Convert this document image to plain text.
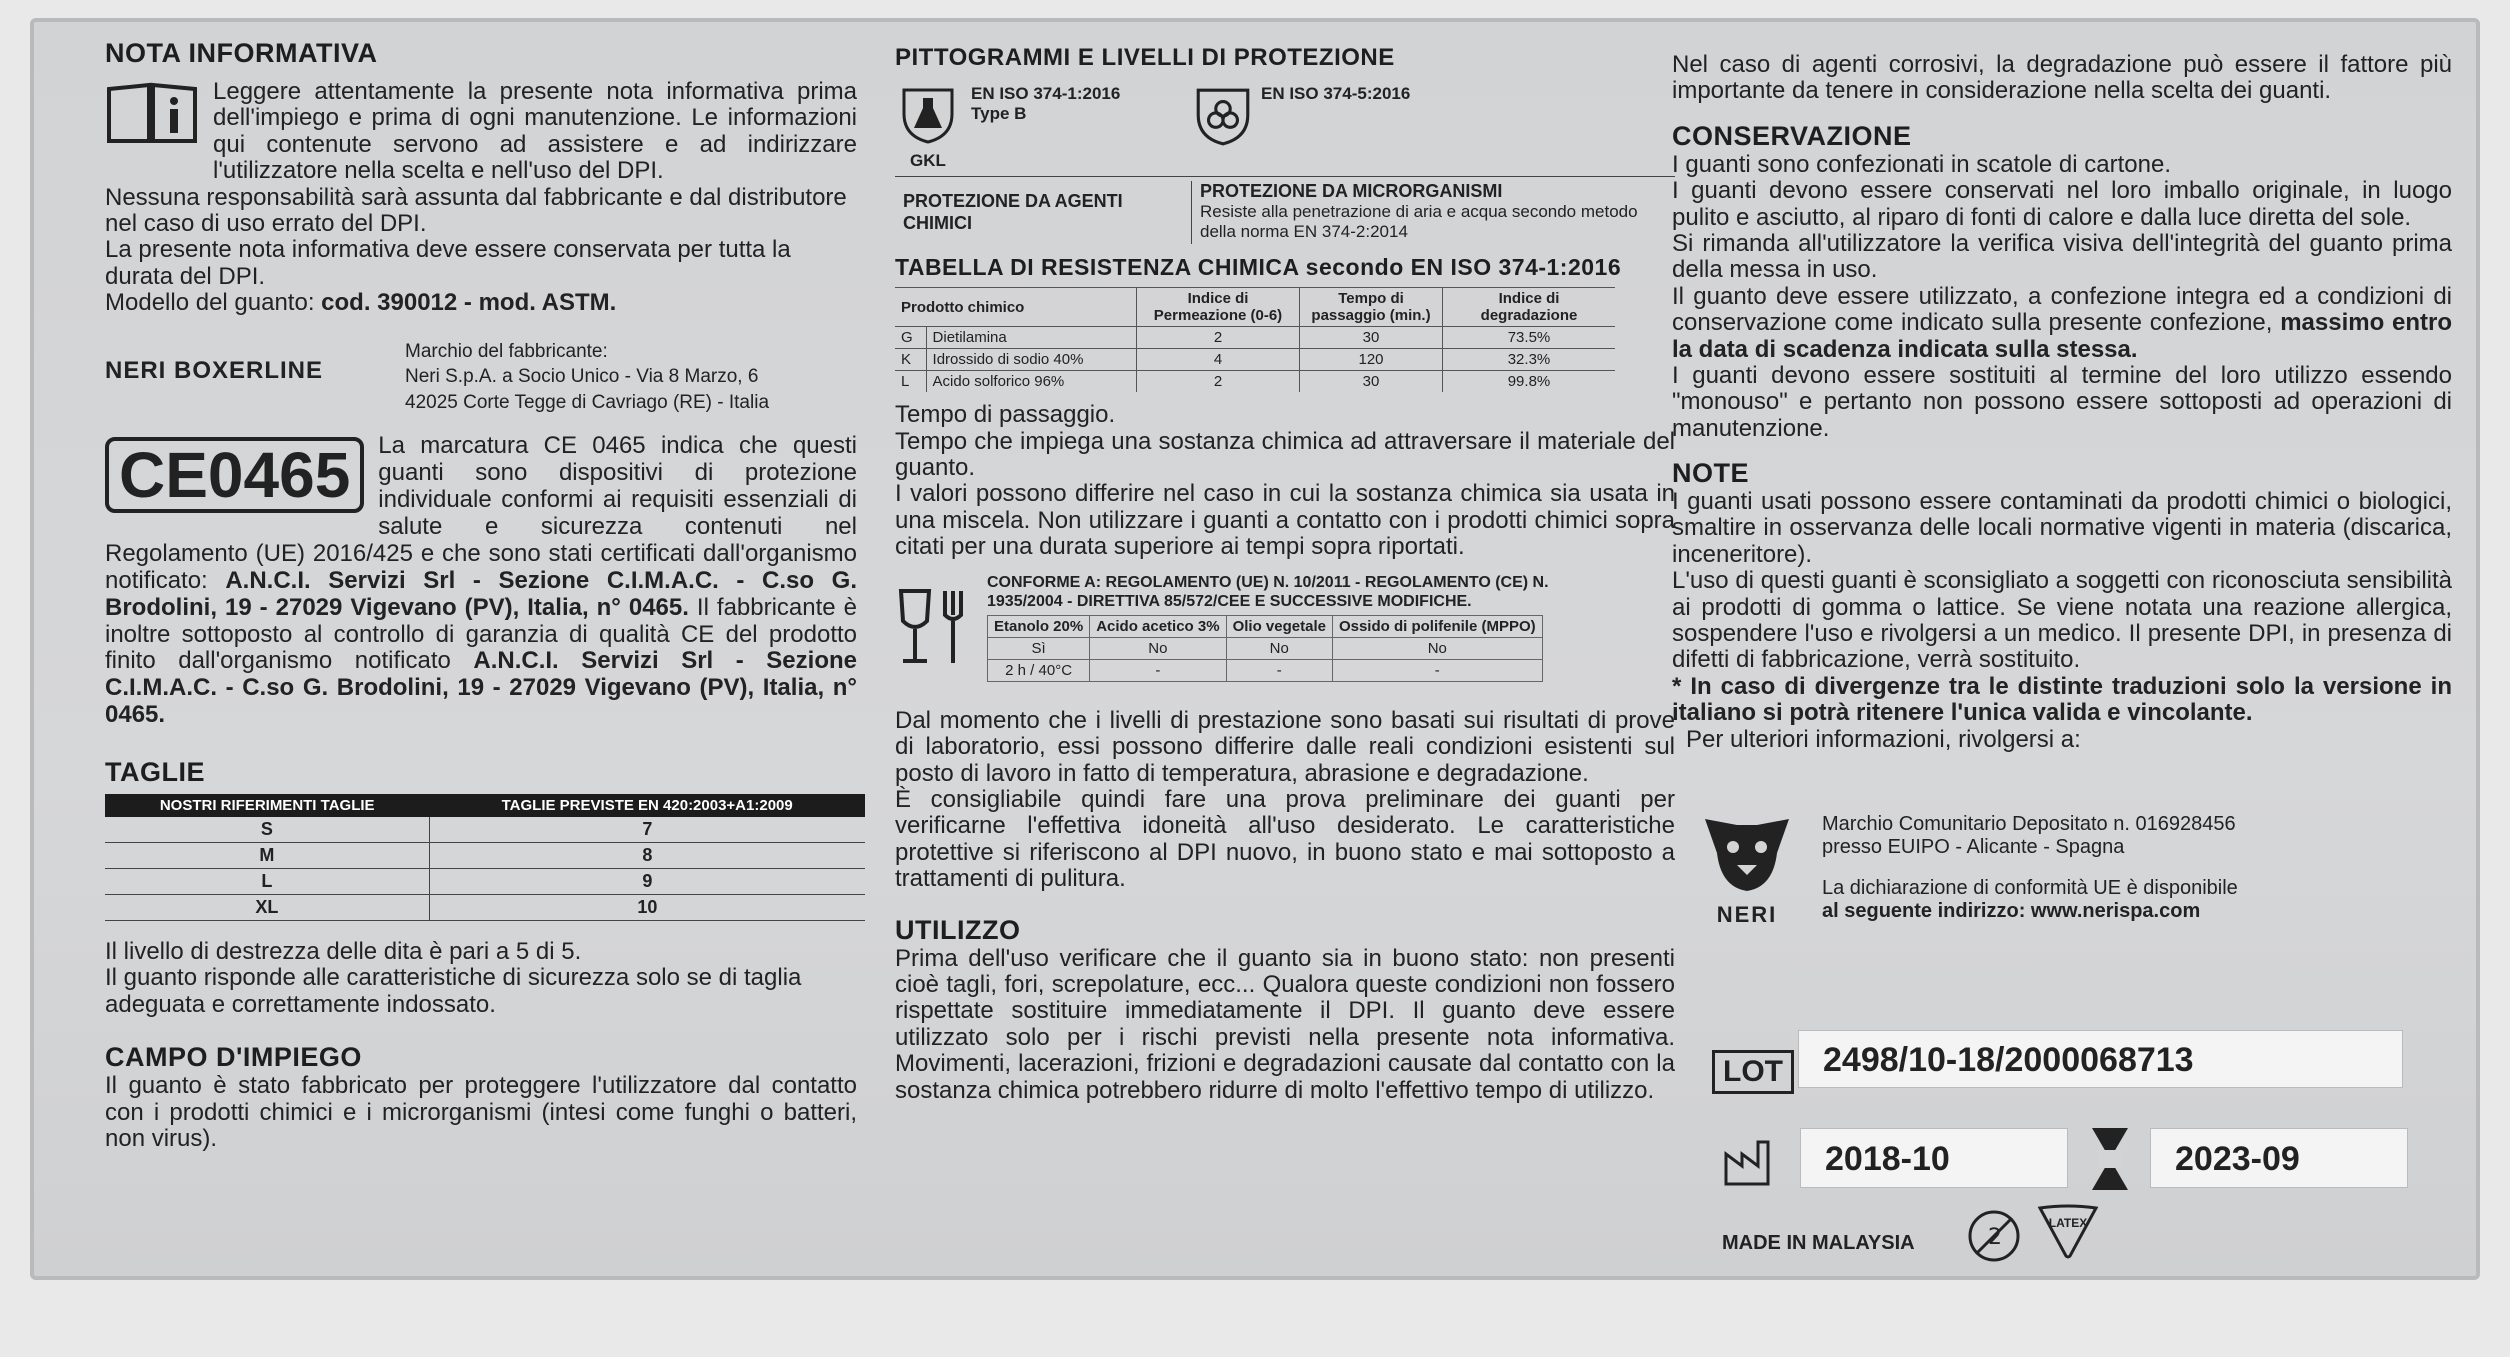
NOTA INFORMATIVA

Leggere attentamente la presente nota informativa prima dell'impiego e prima di ogni manutenzione. Le informazioni qui contenute servono ad assistere e ad indirizzare l'utilizzatore nella scelta e nell'uso del DPI.

Nessuna responsabilità sarà assunta dal fabbricante e dal distributore nel caso di uso errato del DPI.

La presente nota informativa deve essere conservata per tutta la durata del DPI.

Modello del guanto: cod. 390012 - mod. ASTM.

NERI BOXERLINE
Marchio del fabbricante:
Neri S.p.A. a Socio Unico - Via 8 Marzo, 6
42025 Corte Tegge di Cavriago (RE) - Italia
CE0465	La marcatura CE 0465 indica che questi guanti sono dispositivi di protezione individuale conformi ai requisiti essenziali di salute e sicurezza contenuti nel Regolamento (UE) 2016/425 e che sono stati certificati dall'organismo notificato: A.N.C.I. Servizi Srl - Sezione C.I.M.A.C. - C.so G. Brodolini, 19 - 27029 Vigevano (PV), Italia, n° 0465. Il fabbricante è inoltre sottoposto al controllo di garanzia di qualità CE del prodotto finito dall'organismo notificato A.N.C.I. Servizi Srl - Sezione C.I.M.A.C. - C.so G. Brodolini, 19 - 27029 Vigevano (PV), Italia, n° 0465.

TAGLIE
NOSTRI RIFERIMENTI TAGLIE	TAGLIE PREVISTE EN 420:2003+A1:2009
S	7
M	8
L	9
XL	10

Il livello di destrezza delle dita è pari a 5 di 5.

Il guanto risponde alle caratteristiche di sicurezza solo se di taglia adeguata e correttamente indossato.

CAMPO D'IMPIEGO

Il guanto è stato fabbricato per proteggere l'utilizzatore dal contatto con i prodotti chimici e i microrganismi (intesi come funghi o batteri, non virus).

PITTOGRAMMI E LIVELLI DI PROTEZIONE
GKL
EN ISO 374-1:2016
Type B
EN ISO 374-5:2016
PROTEZIONE DA AGENTI CHIMICI
PROTEZIONE DA MICRORGANISMI
Resiste alla penetrazione di aria e acqua secondo metodo della norma EN 374-2:2014
TABELLA DI RESISTENZA CHIMICA secondo EN ISO 374-1:2016
Prodotto chimico		Indice di Permeazione (0-6)	Tempo di passaggio (min.)	Indice di degradazione
G	Dietilamina	2	30	73.5%
K	Idrossido di sodio 40%	4	120	32.3%
L	Acido solforico 96%	2	30	99.8%

Tempo di passaggio.

Tempo che impiega una sostanza chimica ad attraversare il materiale del guanto.

I valori possono differire nel caso in cui la sostanza chimica sia usata in una miscela. Non utilizzare i guanti a contatto con i prodotti chimici sopra citati per una durata superiore ai tempi sopra riportati.

CONFORME A: REGOLAMENTO (UE) N. 10/2011 - REGOLAMENTO (CE) N. 1935/2004 - DIRETTIVA 85/572/CEE E SUCCESSIVE MODIFICHE.
Etanolo 20%	Acido acetico 3%	Olio vegetale	Ossido di polifenile (MPPO)
Sì	No	No	No
2 h / 40°C	-	-	-

Dal momento che i livelli di prestazione sono basati sui risultati di prove di laboratorio, essi possono differire dalle reali condizioni esistenti sul posto di lavoro in fatto di temperatura, abrasione e degradazione.

È consigliabile quindi fare una prova preliminare dei guanti per verificarne l'effettiva idoneità all'uso desiderato. Le caratteristiche protettive si riferiscono al DPI nuovo, in buono stato e mai sottoposto a trattamenti di pulitura.

UTILIZZO

Prima dell'uso verificare che il guanto sia in buono stato: non presenti cioè tagli, fori, screpolature, ecc... Qualora queste condizioni non fossero rispettate sostituire immediatamente il DPI. Il guanto deve essere utilizzato solo per i rischi previsti nella presente nota informativa. Movimenti, lacerazioni, frizioni e degradazioni causate dal contatto con la sostanza chimica potrebbero ridurre di molto l'effettivo tempo di utilizzo.

Nel caso di agenti corrosivi, la degradazione può essere il fattore più importante da tenere in considerazione nella scelta dei guanti.

CONSERVAZIONE

I guanti sono confezionati in scatole di cartone.

I guanti devono essere conservati nel loro imballo originale, in luogo pulito e asciutto, al riparo di fonti di calore e dalla luce diretta del sole.

Si rimanda all'utilizzatore la verifica visiva dell'integrità del guanto prima della messa in uso.

Il guanto deve essere utilizzato, a confezione integra ed a condizioni di conservazione come indicato sulla presente confezione, massimo entro la data di scadenza indicata sulla stessa.

I guanti devono essere sostituiti al termine del loro utilizzo essendo "monouso" e pertanto non possono essere sottoposti ad operazioni di manutenzione.

NOTE

I guanti usati possono essere contaminati da prodotti chimici o biologici, smaltire in osservanza delle locali normative vigenti in materia (discarica, inceneritore).

L'uso di questi guanti è sconsigliato a soggetti con riconosciuta sensibilità ai prodotti di gomma o lattice. Se viene notata una reazione allergica, sospendere l'uso e rivolgersi a un medico. Il presente DPI, in presenza di difetti di fabbricazione, verrà sostituito.

* In caso di divergenze tra le distinte traduzioni solo la versione in italiano si potrà ritenere l'unica valida e vincolante.

Per ulteriori informazioni, rivolgersi a:

NERI
Marchio Comunitario Depositato n. 016928456
presso EUIPO - Alicante - Spagna
La dichiarazione di conformità UE è disponibile
al seguente indirizzo: www.nerispa.com
LOT	2498/10-18/2000068713
2018-10	2023-09
MADE IN MALAYSIA	2
LATEX
